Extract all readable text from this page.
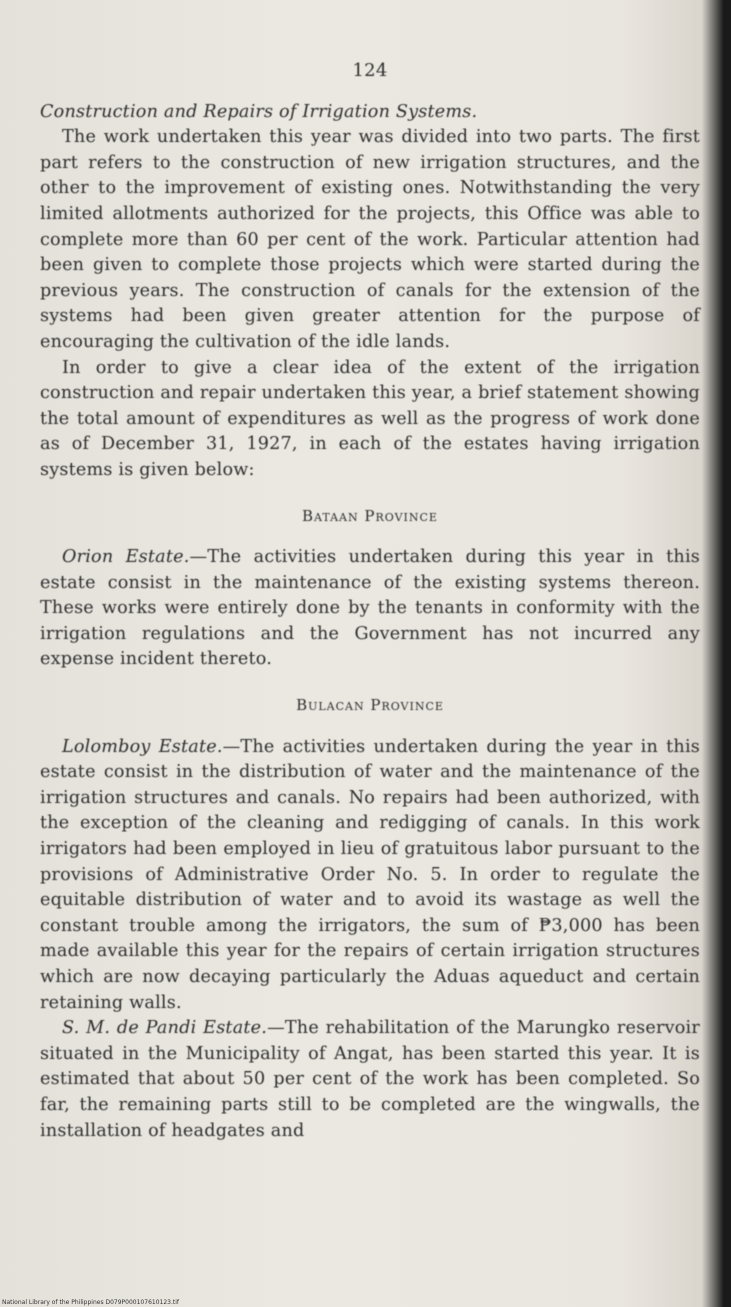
124

Construction and Repairs of Irrigation Systems.

The work undertaken this year was divided into two parts. The first part refers to the construction of new irrigation structures, and the other to the improvement of existing ones. Notwithstanding the very limited allotments authorized for the projects, this Office was able to complete more than 60 per cent of the work. Particular attention had been given to complete those projects which were started during the previous years. The construction of canals for the extension of the systems had been given greater attention for the purpose of encouraging the cultivation of the idle lands.

In order to give a clear idea of the extent of the irrigation construction and repair undertaken this year, a brief statement showing the total amount of expenditures as well as the progress of work done as of December 31, 1927, in each of the estates having irrigation systems is given below:

Bataan Province

Orion Estate.—The activities undertaken during this year in this estate consist in the maintenance of the existing systems thereon. These works were entirely done by the tenants in conformity with the irrigation regulations and the Government has not incurred any expense incident thereto.

Bulacan Province

Lolomboy Estate.—The activities undertaken during the year in this estate consist in the distribution of water and the maintenance of the irrigation structures and canals. No repairs had been authorized, with the exception of the cleaning and redigging of canals. In this work irrigators had been employed in lieu of gratuitous labor pursuant to the provisions of Administrative Order No. 5. In order to regulate the equitable distribution of water and to avoid its wastage as well the constant trouble among the irrigators, the sum of ₱3,000 has been made available this year for the repairs of certain irrigation structures which are now decaying particularly the Aduas aqueduct and certain retaining walls.

S. M. de Pandi Estate.—The rehabilitation of the Marungko reservoir situated in the Municipality of Angat, has been started this year. It is estimated that about 50 per cent of the work has been completed. So far, the remaining parts still to be completed are the wingwalls, the installation of headgates and

National Library of the Philippines D079P000107610123.tif
